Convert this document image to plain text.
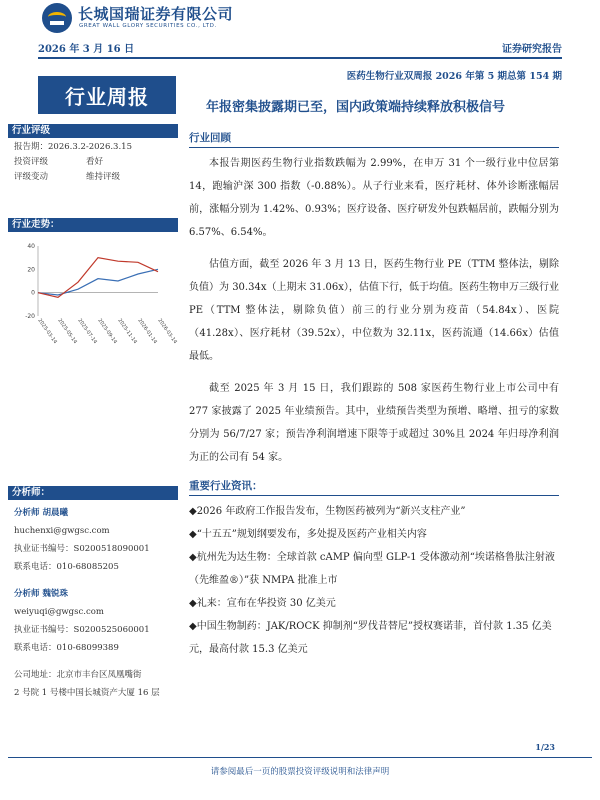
长城国瑞证券有限公司
GREAT WALL GLORY SECURITIES CO., LTD.
2026 年 3 月 16 日	证券研究报告
行业周报
医药生物行业双周报 2026 年第 5 期总第 154 期
年报密集披露期已至，国内政策端持续释放积极信号
行业评级
报告期：2026.3.2-2026.3.15
投资评级	看好
评级变动	维持评级
行业走势：
40
20
0
-20
2025-03-14
2025-05-14
2025-07-14
2025-09-14
2025-11-14
2026-01-14
2026-03-14
分析师：
分析师 胡晨曦
huchenxi@gwgsc.com
执业证书编号：S0200518090001
联系电话：010-68085205
分析师 魏锐珠
weiyuqi@gwgsc.com
执业证书编号：S0200525060001
联系电话：010-68099389
公司地址：北京市丰台区凤凰嘴街
2 号院 1 号楼中国长城资产大厦 16 层
行业回顾

本报告期医药生物行业指数跌幅为 2.99%，在申万 31 个一级行业中位居第 14，跑输沪深 300 指数（-0.88%）。从子行业来看，医疗耗材、体外诊断涨幅居前，涨幅分别为 1.42%、0.93%；医疗设备、医疗研发外包跌幅居前，跌幅分别为 6.57%、6.54%。

估值方面，截至 2026 年 3 月 13 日，医药生物行业 PE（TTM 整体法，剔除负值）为 30.34x（上期末 31.06x），估值下行，低于均值。医药生物申万三级行业 PE（TTM 整体法，剔除负值）前三的行业分别为疫苗（54.84x）、医院（41.28x）、医疗耗材（39.52x），中位数为 32.11x，医药流通（14.66x）估值最低。

截至 2025 年 3 月 15 日，我们跟踪的 508 家医药生物行业上市公司中有 277 家披露了 2025 年业绩预告。其中，业绩预告类型为预增、略增、扭亏的家数分别为 56/7/27 家；预告净利润增速下限等于或超过 30%且 2024 年归母净利润为正的公司有 54 家。

重要行业资讯：
◆2026 年政府工作报告发布，生物医药被列为“新兴支柱产业”
◆“十五五”规划纲要发布，多处提及医药产业相关内容
◆杭州先为达生物：全球首款 cAMP 偏向型 GLP-1 受体激动剂“埃诺格鲁肽注射液（先维盈®）”获 NMPA 批准上市
◆礼来：宣布在华投资 30 亿美元
◆中国生物制药：JAK/ROCK 抑制剂“罗伐昔替尼”授权赛诺菲，首付款 1.35 亿美元，最高付款 15.3 亿美元
1/23
请参阅最后一页的股票投资评级说明和法律声明
